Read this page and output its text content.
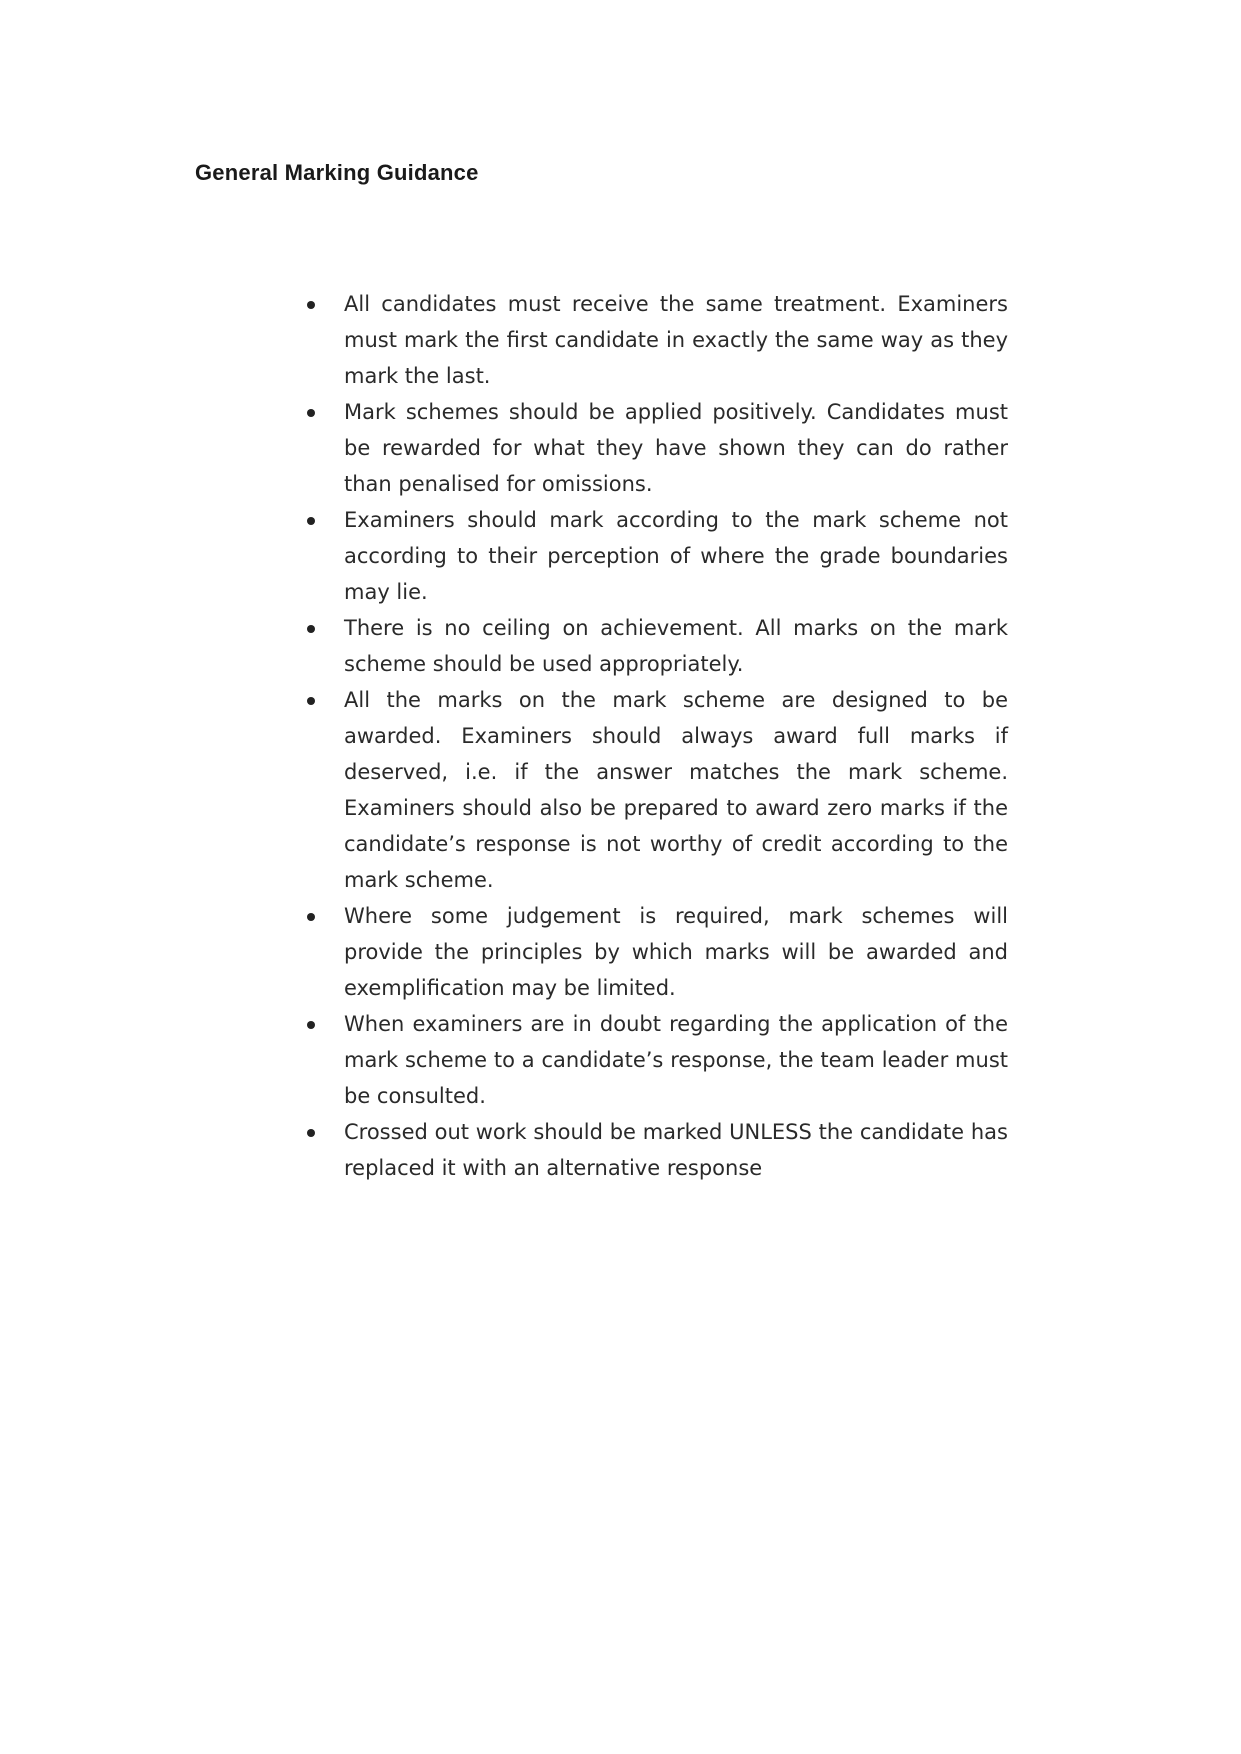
General Marking Guidance
All candidates must receive the same treatment. Examiners must mark the first candidate in exactly the same way as they mark the last.
Mark schemes should be applied positively. Candidates must be rewarded for what they have shown they can do rather than penalised for omissions.
Examiners should mark according to the mark scheme not according to their perception of where the grade boundaries may lie.
There is no ceiling on achievement. All marks on the mark scheme should be used appropriately.
All the marks on the mark scheme are designed to be awarded. Examiners should always award full marks if deserved, i.e. if the answer matches the mark scheme. Examiners should also be prepared to award zero marks if the candidate’s response is not worthy of credit according to the mark scheme.
Where some judgement is required, mark schemes will provide the principles by which marks will be awarded and exemplification may be limited.
When examiners are in doubt regarding the application of the mark scheme to a candidate’s response, the team leader must be consulted.
Crossed out work should be marked UNLESS the candidate has replaced it with an alternative response
